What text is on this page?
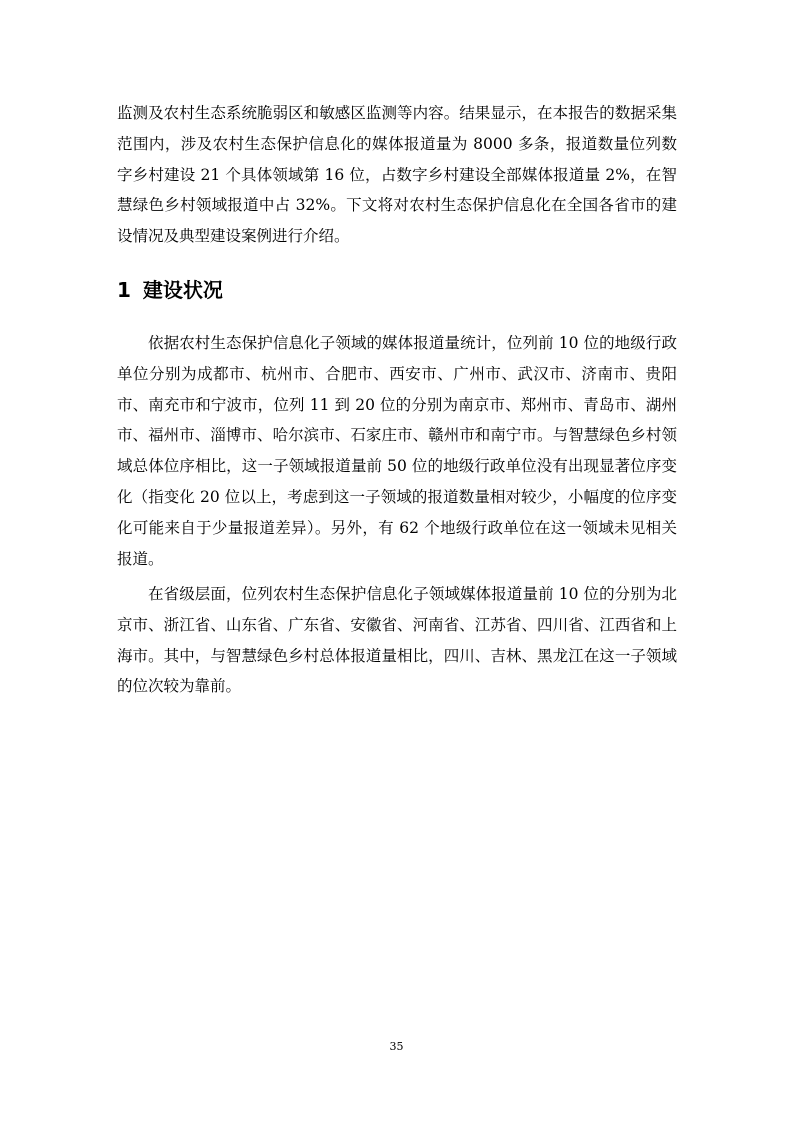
监测及农村生态系统脆弱区和敏感区监测等内容。结果显示，在本报告的数据采集范围内，涉及农村生态保护信息化的媒体报道量为 8000 多条，报道数量位列数字乡村建设 21 个具体领域第 16 位，占数字乡村建设全部媒体报道量 2%，在智慧绿色乡村领域报道中占 32%。下文将对农村生态保护信息化在全国各省市的建设情况及典型建设案例进行介绍。

1 建设状况

依据农村生态保护信息化子领域的媒体报道量统计，位列前 10 位的地级行政单位分别为成都市、杭州市、合肥市、西安市、广州市、武汉市、济南市、贵阳市、南充市和宁波市，位列 11 到 20 位的分别为南京市、郑州市、青岛市、湖州市、福州市、淄博市、哈尔滨市、石家庄市、赣州市和南宁市。与智慧绿色乡村领域总体位序相比，这一子领域报道量前 50 位的地级行政单位没有出现显著位序变化（指变化 20 位以上，考虑到这一子领域的报道数量相对较少，小幅度的位序变化可能来自于少量报道差异）。另外，有 62 个地级行政单位在这一领域未见相关报道。

在省级层面，位列农村生态保护信息化子领域媒体报道量前 10 位的分别为北京市、浙江省、山东省、广东省、安徽省、河南省、江苏省、四川省、江西省和上海市。其中，与智慧绿色乡村总体报道量相比，四川、吉林、黑龙江在这一子领域的位次较为靠前。

35
